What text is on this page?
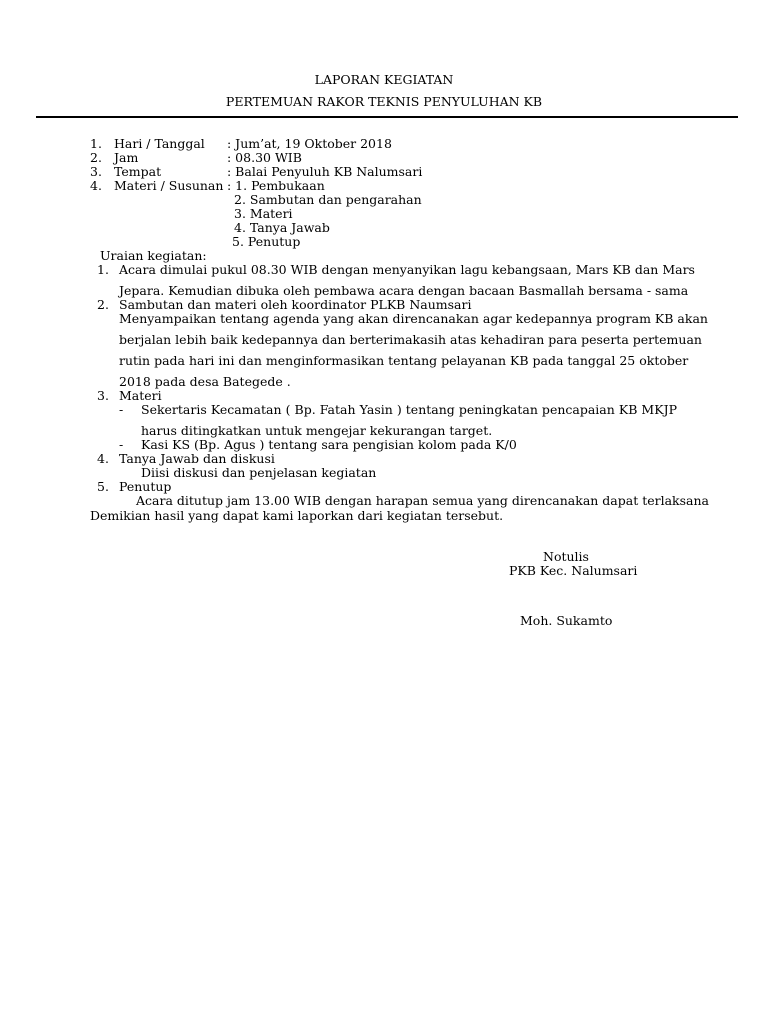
LAPORAN KEGIATAN
PERTEMUAN RAKOR TEKNIS PENYULUHAN KB
1. Hari / Tanggal : Jum’at, 19 Oktober 2018
2. Jam	: 08.30 WIB
3. Tempat	: Balai Penyuluh KB Nalumsari
4. Materi / Susunan : 1. Pembukaan
2. Sambutan dan pengarahan
3. Materi
4. Tanya Jawab
5. Penutup
Uraian kegiatan:
1. Acara dimulai pukul 08.30 WIB dengan menyanyikan lagu kebangsaan, Mars KB dan Mars
Jepara. Kemudian dibuka oleh pembawa acara dengan bacaan Basmallah bersama - sama
2. Sambutan dan materi oleh koordinator PLKB Naumsari
Menyampaikan tentang agenda yang akan direncanakan agar kedepannya program KB akan
berjalan lebih baik kedepannya dan berterimakasih atas kehadiran para peserta pertemuan
rutin pada hari ini dan menginformasikan tentang pelayanan KB pada tanggal 25 oktober
2018 pada desa Bategede .
3. Materi
- Sekertaris Kecamatan ( Bp. Fatah Yasin ) tentang peningkatan pencapaian KB MKJP
harus ditingkatkan untuk mengejar kekurangan target.
- Kasi KS (Bp. Agus ) tentang sara pengisian kolom pada K/0
4. Tanya Jawab dan diskusi
Diisi diskusi dan penjelasan kegiatan
5. Penutup
Acara ditutup jam 13.00 WIB dengan harapan semua yang direncanakan dapat terlaksana
Demikian hasil yang dapat kami laporkan dari kegiatan tersebut.
Notulis
PKB Kec. Nalumsari
Moh. Sukamto
